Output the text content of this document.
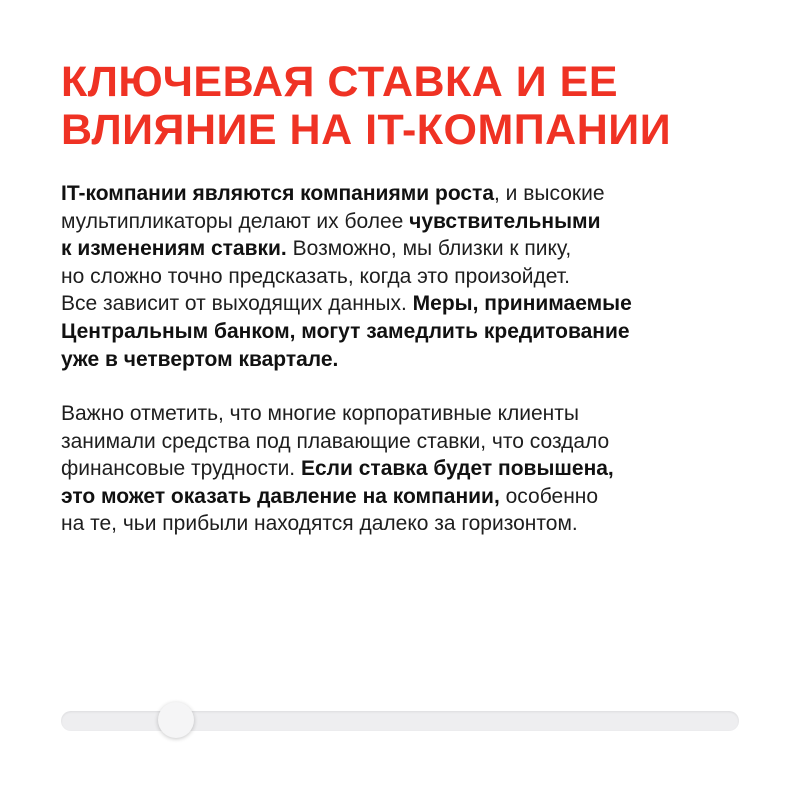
КЛЮЧЕВАЯ СТАВКА И ЕЕ
ВЛИЯНИЕ НА IT-КОМПАНИИ
IT-компании являются компаниями роста, и высокие
мультипликаторы делают их более чувствительными
к изменениям ставки. Возможно, мы близки к пику,
но сложно точно предсказать, когда это произойдет.
Все зависит от выходящих данных. Меры, принимаемые
Центральным банком, могут замедлить кредитование
уже в четвертом квартале.
Важно отметить, что многие корпоративные клиенты
занимали средства под плавающие ставки, что создало
финансовые трудности. Если ставка будет повышена,
это может оказать давление на компании, особенно
на те, чьи прибыли находятся далеко за горизонтом.
